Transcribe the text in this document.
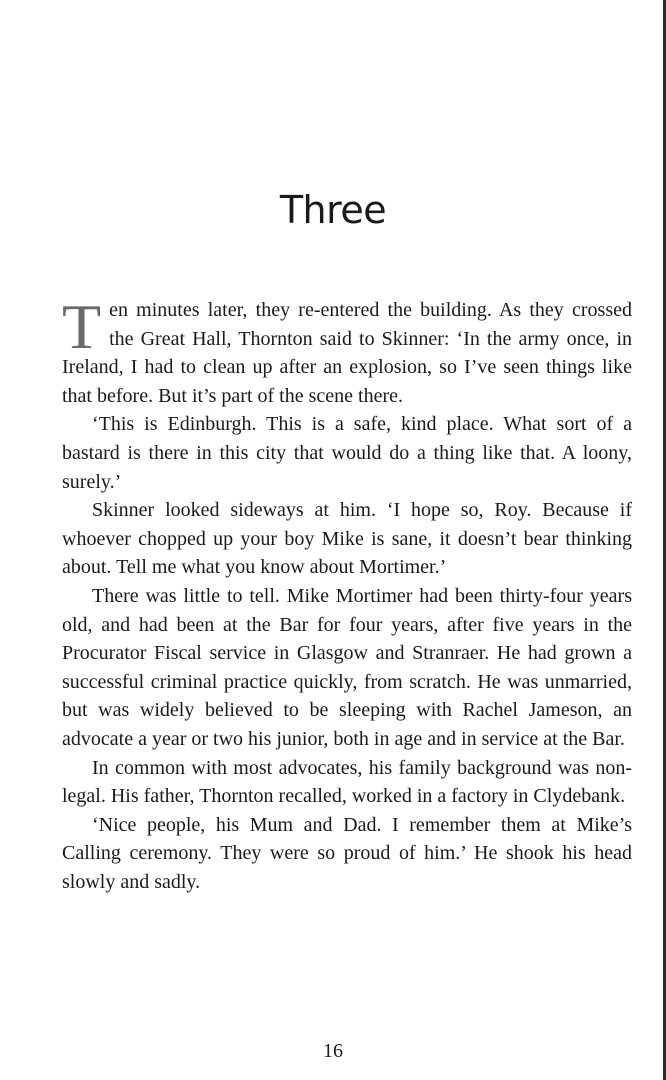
Three

Ten minutes later, they re-entered the building. As they crossed the Great Hall, Thornton said to Skinner: ‘In the army once, in Ireland, I had to clean up after an explosion, so I’ve seen things like that before. But it’s part of the scene there.

‘This is Edinburgh. This is a safe, kind place. What sort of a bastard is there in this city that would do a thing like that. A loony, surely.’

Skinner looked sideways at him. ‘I hope so, Roy. Because if whoever chopped up your boy Mike is sane, it doesn’t bear thinking about. Tell me what you know about Mortimer.’

There was little to tell. Mike Mortimer had been thirty-four years old, and had been at the Bar for four years, after five years in the Procurator Fiscal service in Glasgow and Stranraer. He had grown a successful criminal practice quickly, from scratch. He was unmarried, but was widely believed to be sleeping with Rachel Jameson, an advocate a year or two his junior, both in age and in service at the Bar.

In common with most advocates, his family background was non-legal. His father, Thornton recalled, worked in a factory in Clydebank.

‘Nice people, his Mum and Dad. I remember them at Mike’s Calling ceremony. They were so proud of him.’ He shook his head slowly and sadly.

16
